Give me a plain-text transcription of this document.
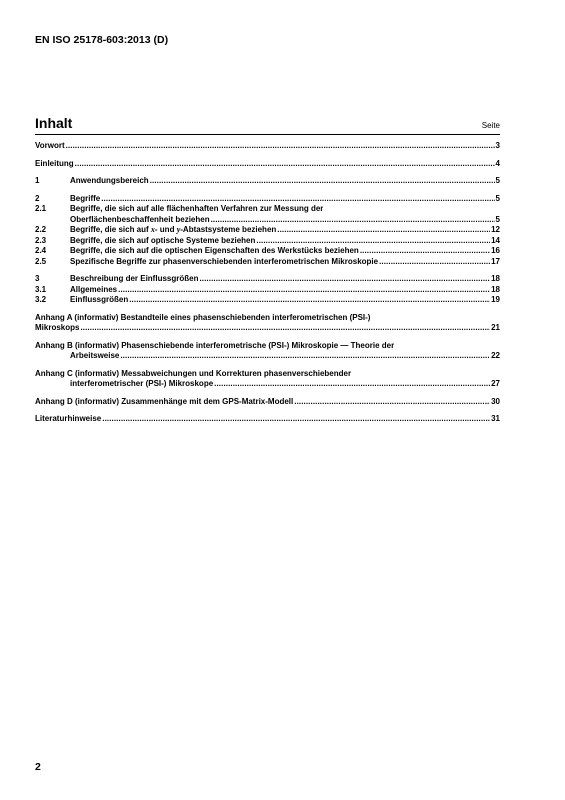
EN ISO 25178-603:2013 (D)
Inhalt	Seite
Vorwort .....	3
Einleitung .....	4
1	Anwendungsbereich .....	5
2	Begriffe .....	5
2.1	Begriffe, die sich auf alle flächenhaften Verfahren zur Messung der
Oberflächenbeschaffenheit beziehen .....	5
2.2	Begriffe, die sich auf x- und y-Abtastsysteme beziehen .....	12
2.3	Begriffe, die sich auf optische Systeme beziehen .....	14
2.4	Begriffe, die sich auf die optischen Eigenschaften des Werkstücks beziehen .....	16
2.5	Spezifische Begriffe zur phasenverschiebenden interferometrischen Mikroskopie .....	17
3	Beschreibung der Einflussgrößen .....	18
3.1	Allgemeines .....	18
3.2	Einflussgrößen .....	19
Anhang A (informativ) Bestandteile eines phasenschiebenden interferometrischen (PSI-)
Mikroskops .....	21
Anhang B (informativ) Phasenschiebende interferometrische (PSI-) Mikroskopie — Theorie der
Arbeitsweise .....	22
Anhang C (informativ) Messabweichungen und Korrekturen phasenverschiebender
interferometrischer (PSI-) Mikroskope .....	27
Anhang D (informativ) Zusammenhänge mit dem GPS-Matrix-Modell .....	30
Literaturhinweise .....	31
2
